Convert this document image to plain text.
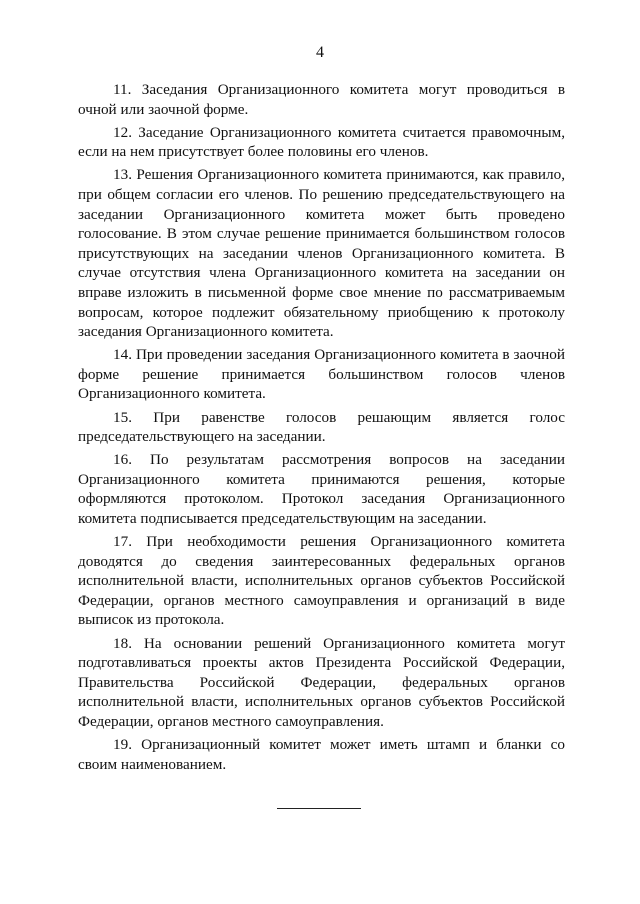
4

11. Заседания Организационного комитета могут проводиться в очной или заочной форме.

12. Заседание Организационного комитета считается правомочным, если на нем присутствует более половины его членов.

13. Решения Организационного комитета принимаются, как правило, при общем согласии его членов. По решению председательствующего на заседании Организационного комитета может быть проведено голосование. В этом случае решение принимается большинством голосов присутствующих на заседании членов Организационного комитета. В случае отсутствия члена Организационного комитета на заседании он вправе изложить в письменной форме свое мнение по рассматриваемым вопросам, которое подлежит обязательному приобщению к протоколу заседания Организационного комитета.

14. При проведении заседания Организационного комитета в заочной форме решение принимается большинством голосов членов Организационного комитета.

15. При равенстве голосов решающим является голос председательствующего на заседании.

16. По результатам рассмотрения вопросов на заседании Организационного комитета принимаются решения, которые оформляются протоколом. Протокол заседания Организационного комитета подписывается председательствующим на заседании.

17. При необходимости решения Организационного комитета доводятся до сведения заинтересованных федеральных органов исполнительной власти, исполнительных органов субъектов Российской Федерации, органов местного самоуправления и организаций в виде выписок из протокола.

18. На основании решений Организационного комитета могут подготавливаться проекты актов Президента Российской Федерации, Правительства Российской Федерации, федеральных органов исполнительной власти, исполнительных органов субъектов Российской Федерации, органов местного самоуправления.

19. Организационный комитет может иметь штамп и бланки со своим наименованием.
